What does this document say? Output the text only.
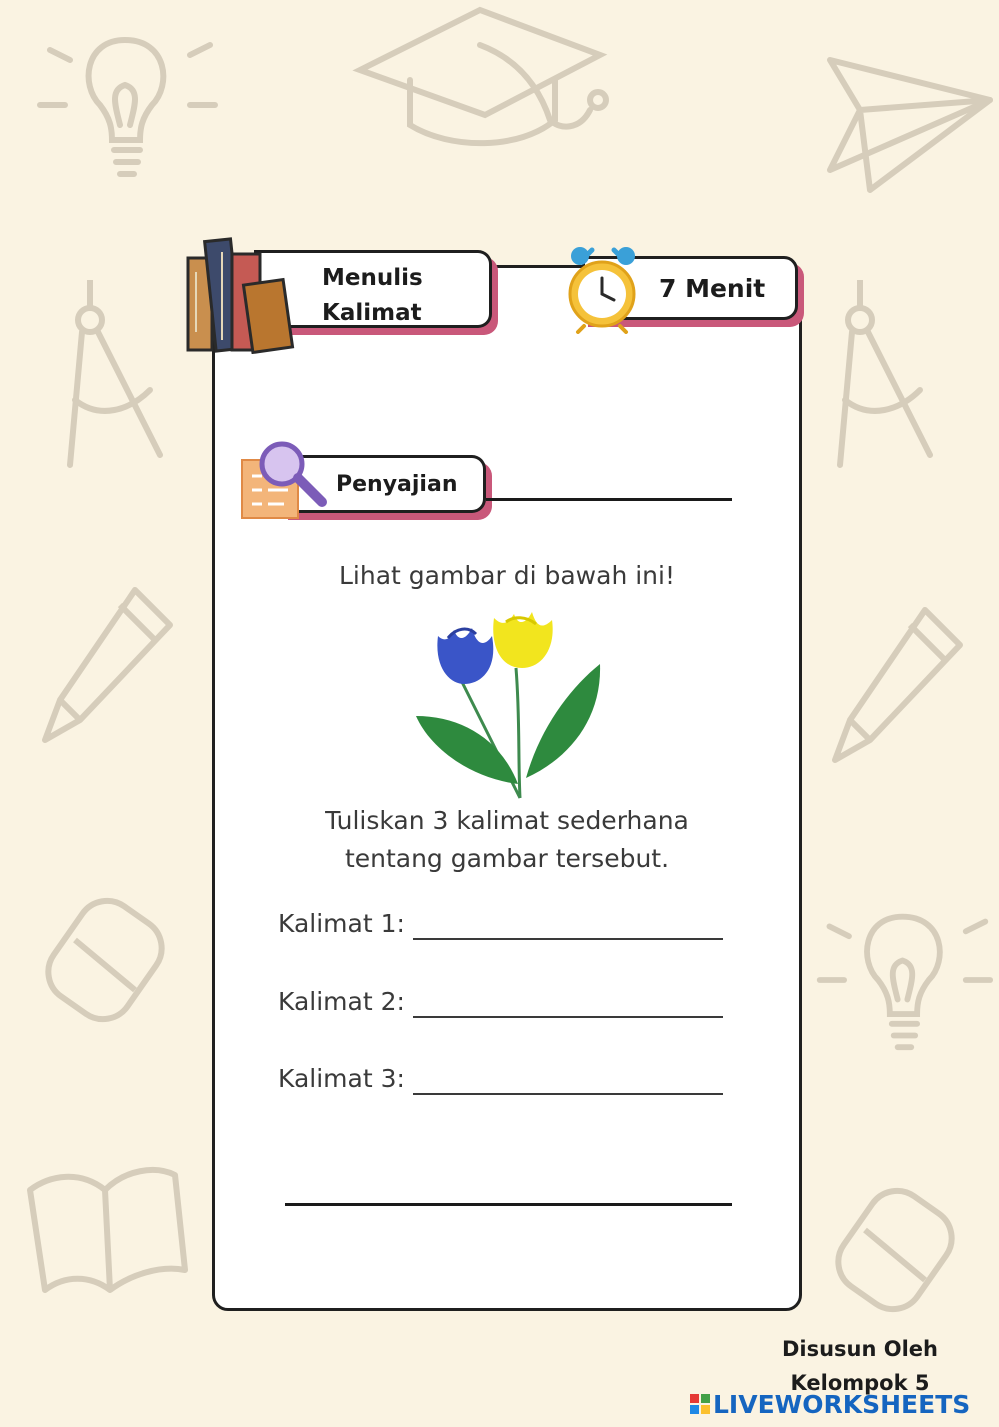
Menulis
Kalimat
7 Menit
Penyajian
Lihat gambar di bawah ini!
Tuliskan 3 kalimat sederhana
tentang gambar tersebut.
Kalimat 1:
Kalimat 2:
Kalimat 3:
Disusun Oleh
Kelompok 5
LIVEWORKSHEETS
